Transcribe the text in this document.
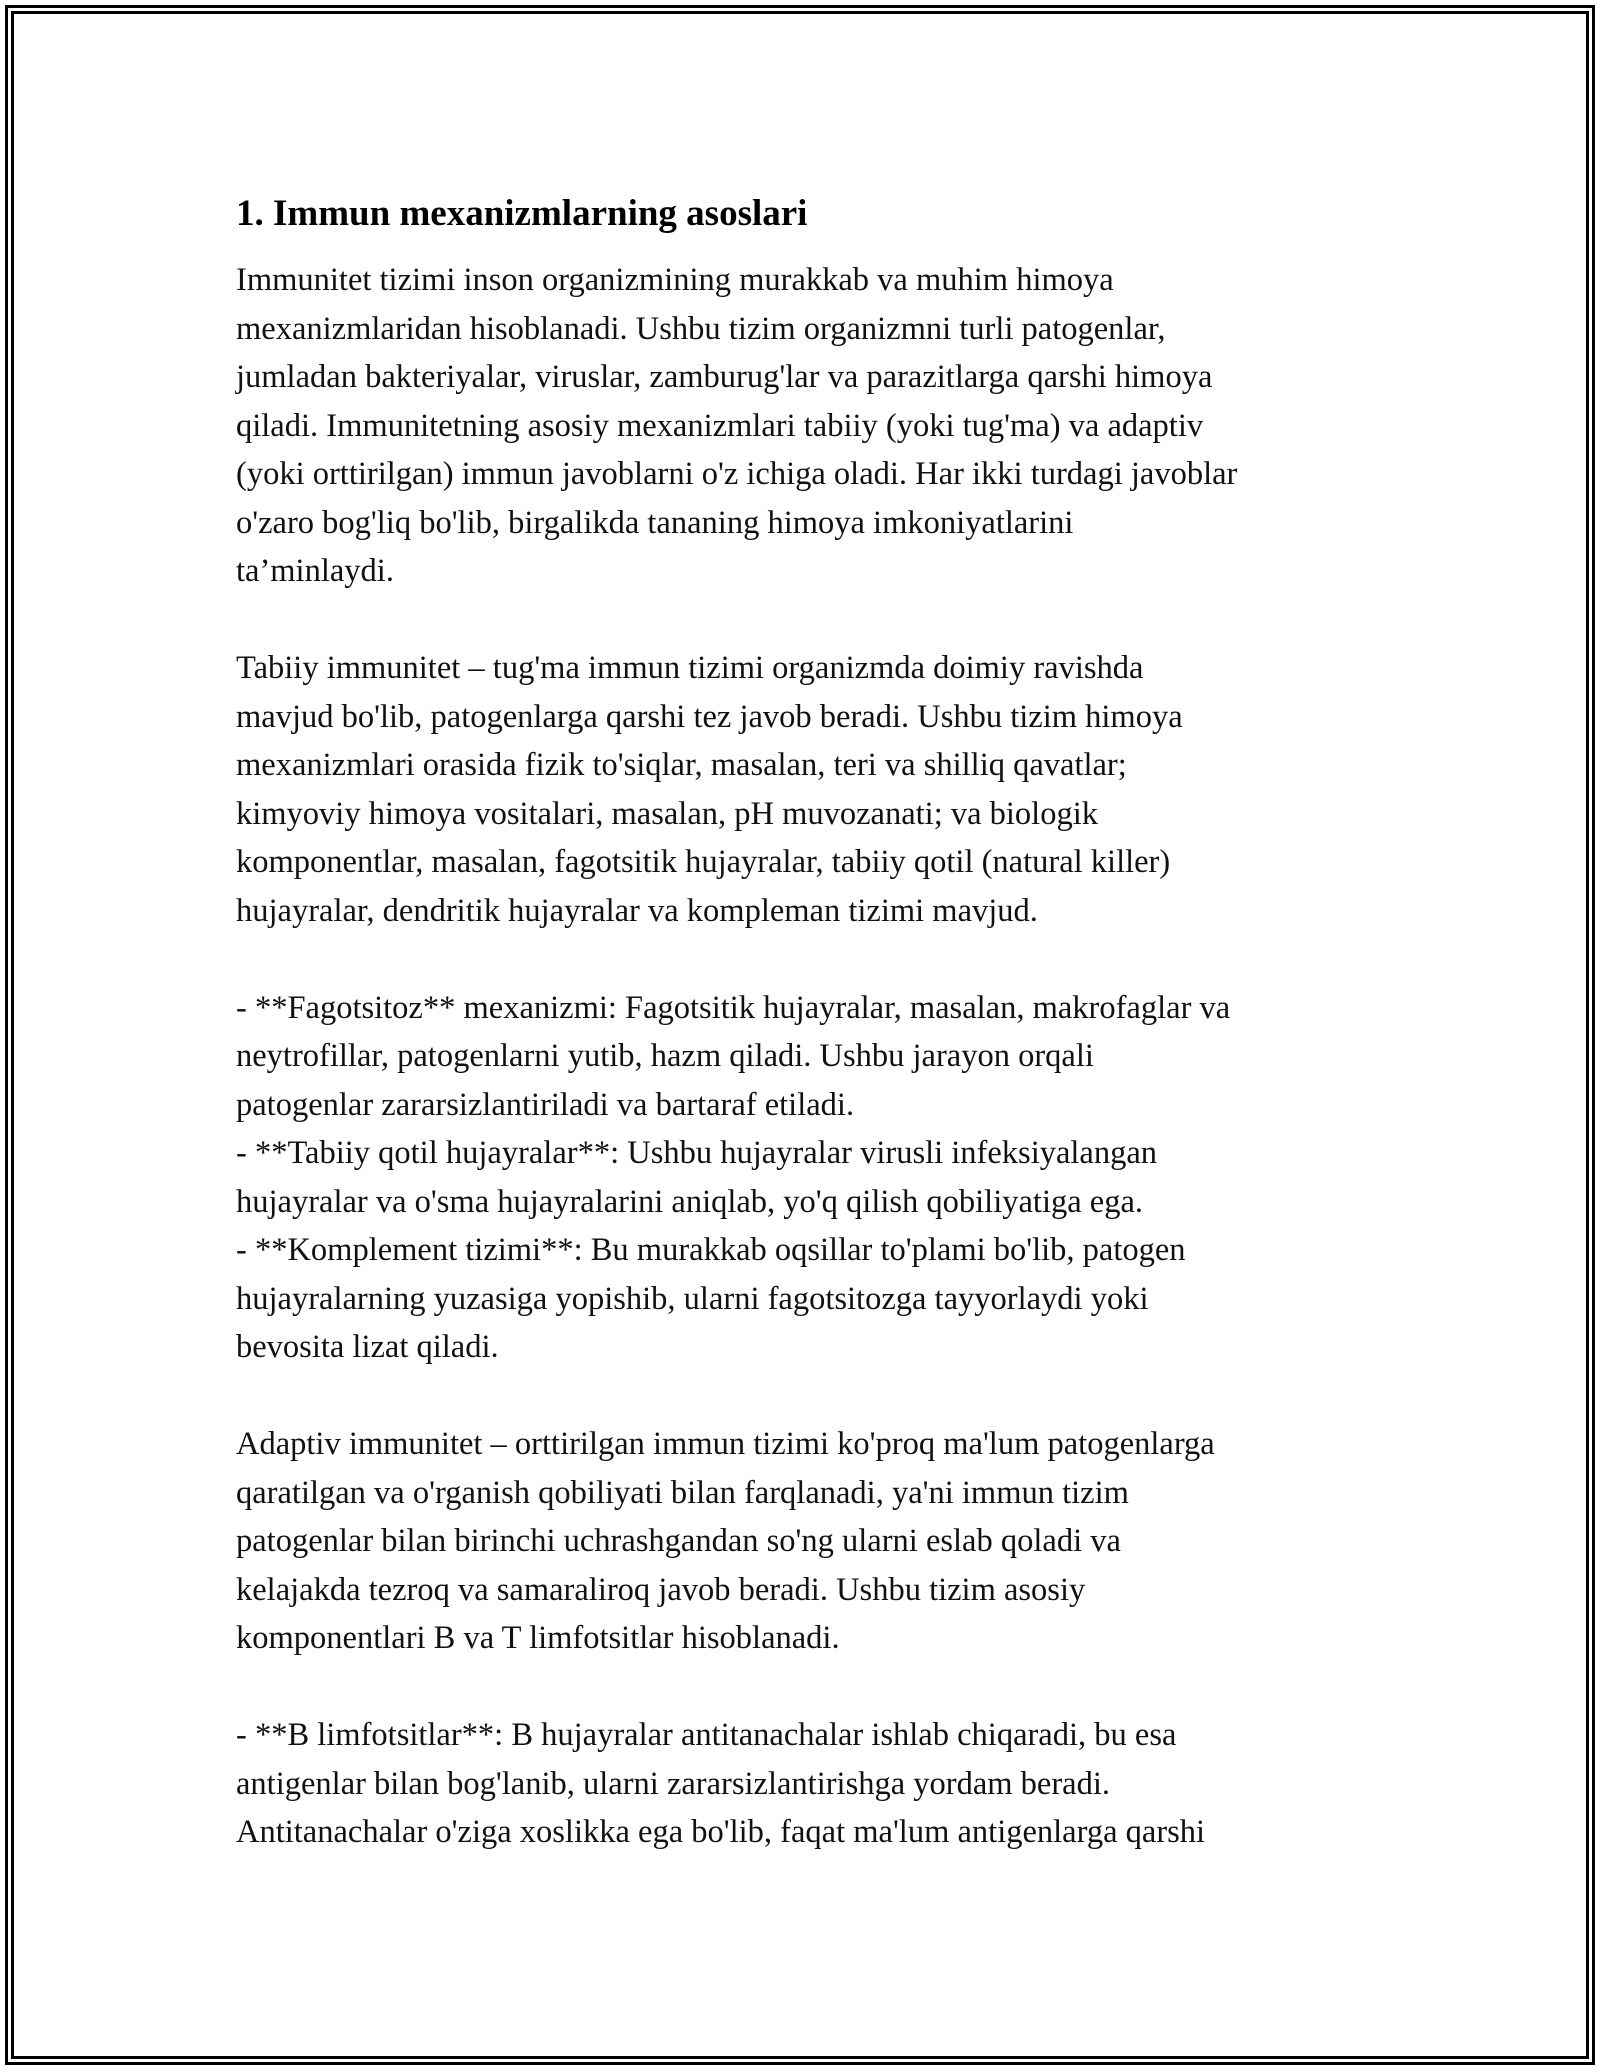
1. Immun mexanizmlarning asoslari

Immunitet tizimi inson organizmining murakkab va muhim himoya
mexanizmlaridan hisoblanadi. Ushbu tizim organizmni turli patogenlar,
jumladan bakteriyalar, viruslar, zamburug'lar va parazitlarga qarshi himoya
qiladi. Immunitetning asosiy mexanizmlari tabiiy (yoki tug'ma) va adaptiv
(yoki orttirilgan) immun javoblarni o'z ichiga oladi. Har ikki turdagi javoblar
o'zaro bog'liq bo'lib, birgalikda tananing himoya imkoniyatlarini
ta’minlaydi.

Tabiiy immunitet – tug'ma immun tizimi organizmda doimiy ravishda
mavjud bo'lib, patogenlarga qarshi tez javob beradi. Ushbu tizim himoya
mexanizmlari orasida fizik to'siqlar, masalan, teri va shilliq qavatlar;
kimyoviy himoya vositalari, masalan, pH muvozanati; va biologik
komponentlar, masalan, fagotsitik hujayralar, tabiiy qotil (natural killer)
hujayralar, dendritik hujayralar va kompleman tizimi mavjud.

- **Fagotsitoz** mexanizmi: Fagotsitik hujayralar, masalan, makrofaglar va
neytrofillar, patogenlarni yutib, hazm qiladi. Ushbu jarayon orqali
patogenlar zararsizlantiriladi va bartaraf etiladi.
- **Tabiiy qotil hujayralar**: Ushbu hujayralar virusli infeksiyalangan
hujayralar va o'sma hujayralarini aniqlab, yo'q qilish qobiliyatiga ega.
- **Komplement tizimi**: Bu murakkab oqsillar to'plami bo'lib, patogen
hujayralarning yuzasiga yopishib, ularni fagotsitozga tayyorlaydi yoki
bevosita lizat qiladi.

Adaptiv immunitet – orttirilgan immun tizimi ko'proq ma'lum patogenlarga
qaratilgan va o'rganish qobiliyati bilan farqlanadi, ya'ni immun tizim
patogenlar bilan birinchi uchrashgandan so'ng ularni eslab qoladi va
kelajakda tezroq va samaraliroq javob beradi. Ushbu tizim asosiy
komponentlari B va T limfotsitlar hisoblanadi.

- **B limfotsitlar**: B hujayralar antitanachalar ishlab chiqaradi, bu esa
antigenlar bilan bog'lanib, ularni zararsizlantirishga yordam beradi.
Antitanachalar o'ziga xoslikka ega bo'lib, faqat ma'lum antigenlarga qarshi
